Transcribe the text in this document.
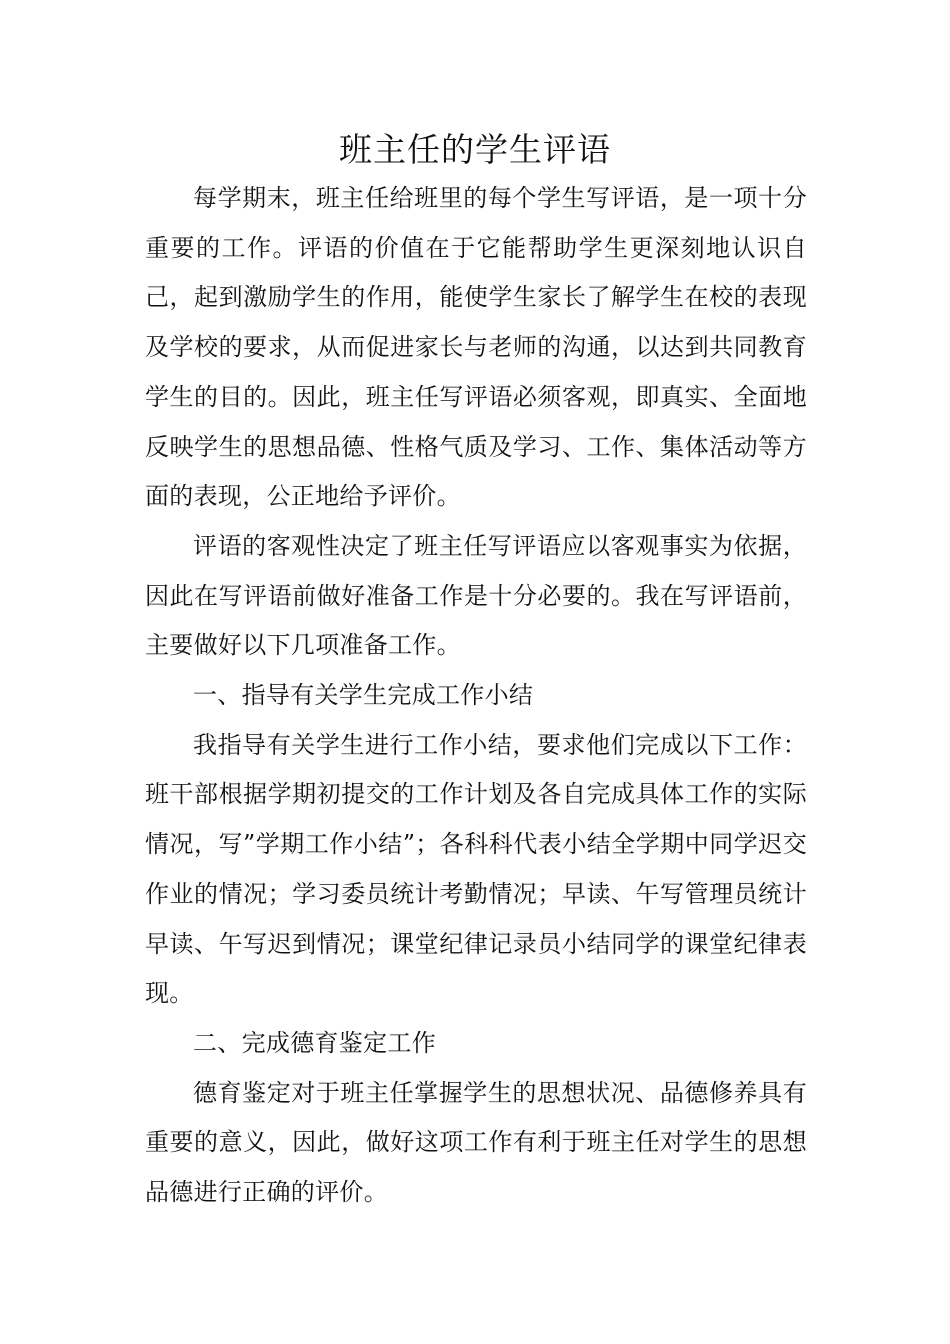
班主任的学生评语

每学期末，班主任给班里的每个学生写评语，是一项十分重要的工作。评语的价值在于它能帮助学生更深刻地认识自己，起到激励学生的作用，能使学生家长了解学生在校的表现及学校的要求，从而促进家长与老师的沟通，以达到共同教育学生的目的。因此，班主任写评语必须客观，即真实、全面地反映学生的思想品德、性格气质及学习、工作、集体活动等方面的表现，公正地给予评价。

评语的客观性决定了班主任写评语应以客观事实为依据，因此在写评语前做好准备工作是十分必要的。我在写评语前，主要做好以下几项准备工作。

一、指导有关学生完成工作小结

我指导有关学生进行工作小结，要求他们完成以下工作：班干部根据学期初提交的工作计划及各自完成具体工作的实际情况，写”学期工作小结”；各科科代表小结全学期中同学迟交作业的情况；学习委员统计考勤情况；早读、午写管理员统计早读、午写迟到情况；课堂纪律记录员小结同学的课堂纪律表现。

二、完成德育鉴定工作

德育鉴定对于班主任掌握学生的思想状况、品德修养具有重要的意义，因此，做好这项工作有利于班主任对学生的思想品德进行正确的评价。
